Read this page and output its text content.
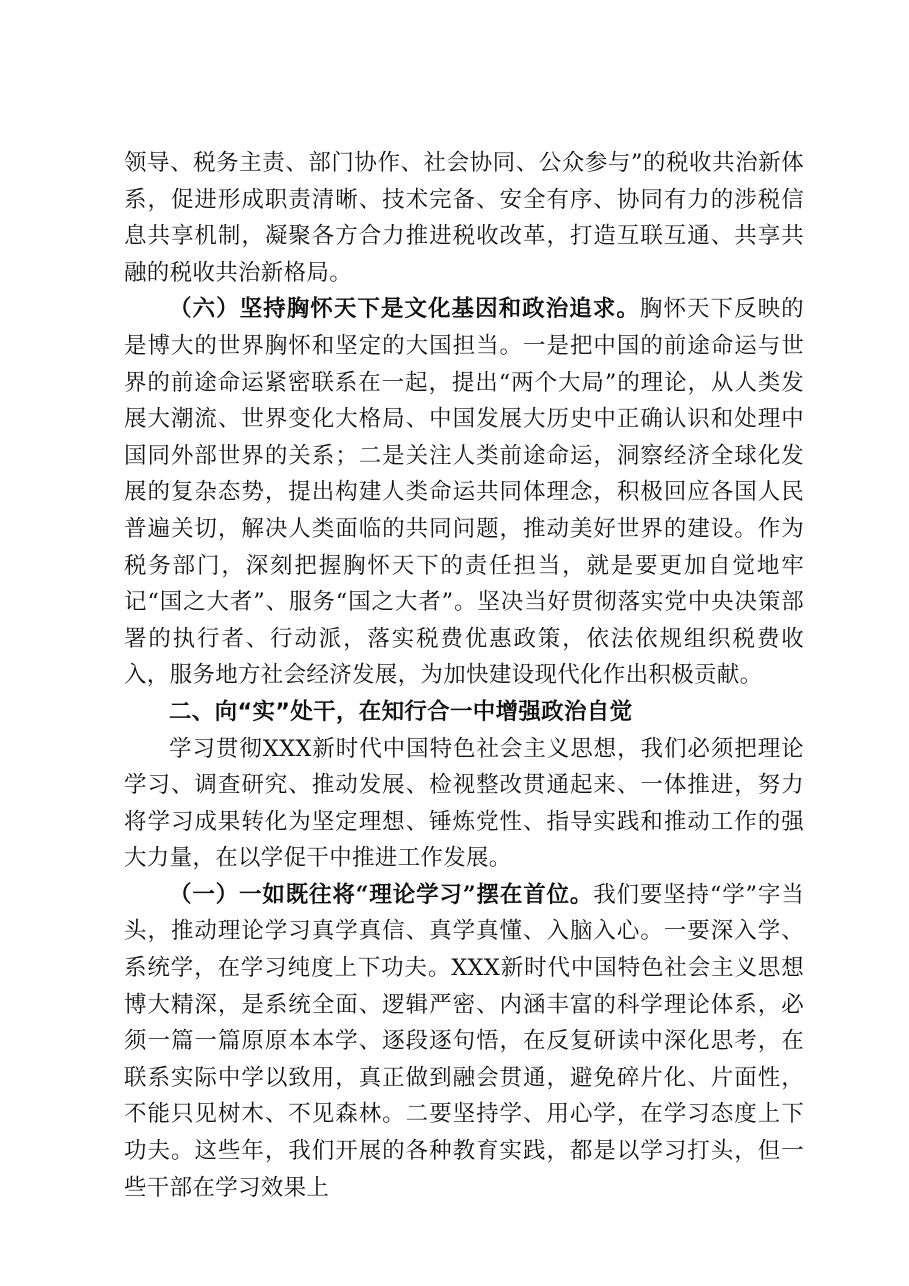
领导、税务主责、部门协作、社会协同、公众参与”的税收共治新体系，促进形成职责清晰、技术完备、安全有序、协同有力的涉税信息共享机制，凝聚各方合力推进税收改革，打造互联互通、共享共融的税收共治新格局。

（六）坚持胸怀天下是文化基因和政治追求。胸怀天下反映的是博大的世界胸怀和坚定的大国担当。一是把中国的前途命运与世界的前途命运紧密联系在一起，提出“两个大局”的理论，从人类发展大潮流、世界变化大格局、中国发展大历史中正确认识和处理中国同外部世界的关系；二是关注人类前途命运，洞察经济全球化发展的复杂态势，提出构建人类命运共同体理念，积极回应各国人民普遍关切，解决人类面临的共同问题，推动美好世界的建设。作为税务部门，深刻把握胸怀天下的责任担当，就是要更加自觉地牢记“国之大者”、服务“国之大者”。坚决当好贯彻落实党中央决策部署的执行者、行动派，落实税费优惠政策，依法依规组织税费收入，服务地方社会经济发展，为加快建设现代化作出积极贡献。

二、向“实”处干，在知行合一中增强政治自觉

学习贯彻XXX新时代中国特色社会主义思想，我们必须把理论学习、调查研究、推动发展、检视整改贯通起来、一体推进，努力将学习成果转化为坚定理想、锤炼党性、指导实践和推动工作的强大力量，在以学促干中推进工作发展。

（一）一如既往将“理论学习”摆在首位。我们要坚持“学”字当头，推动理论学习真学真信、真学真懂、入脑入心。一要深入学、系统学，在学习纯度上下功夫。XXX新时代中国特色社会主义思想博大精深，是系统全面、逻辑严密、内涵丰富的科学理论体系，必须一篇一篇原原本本学、逐段逐句悟，在反复研读中深化思考，在联系实际中学以致用，真正做到融会贯通，避免碎片化、片面性，不能只见树木、不见森林。二要坚持学、用心学，在学习态度上下功夫。这些年，我们开展的各种教育实践，都是以学习打头，但一些干部在学习效果上
